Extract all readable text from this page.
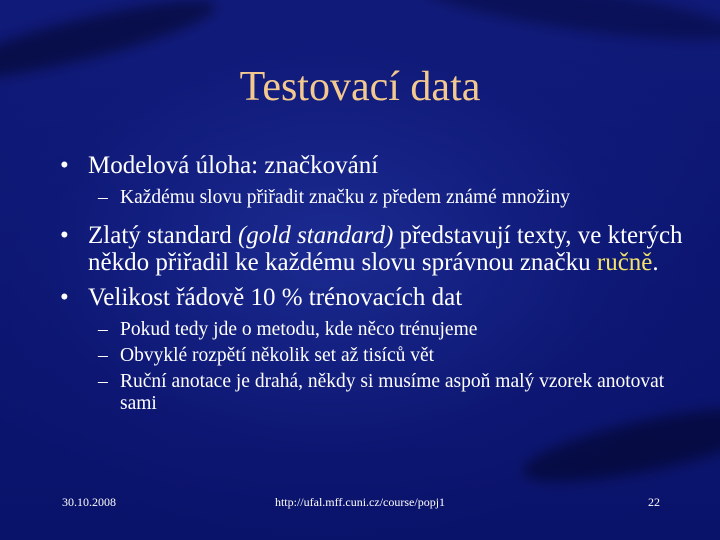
Testovací data
• Modelová úloha: značkování
– Každému slovu přiřadit značku z předem známé množiny
• Zlatý standard (gold standard) představují texty, ve kterých někdo přiřadil ke každému slovu správnou značku ručně.
• Velikost řádově 10 % trénovacích dat
– Pokud tedy jde o metodu, kde něco trénujeme
– Obvyklé rozpětí několik set až tisíců vět
– Ruční anotace je drahá, někdy si musíme aspoň malý vzorek anotovat sami
30.10.2008	http://ufal.mff.cuni.cz/course/popj1	22
